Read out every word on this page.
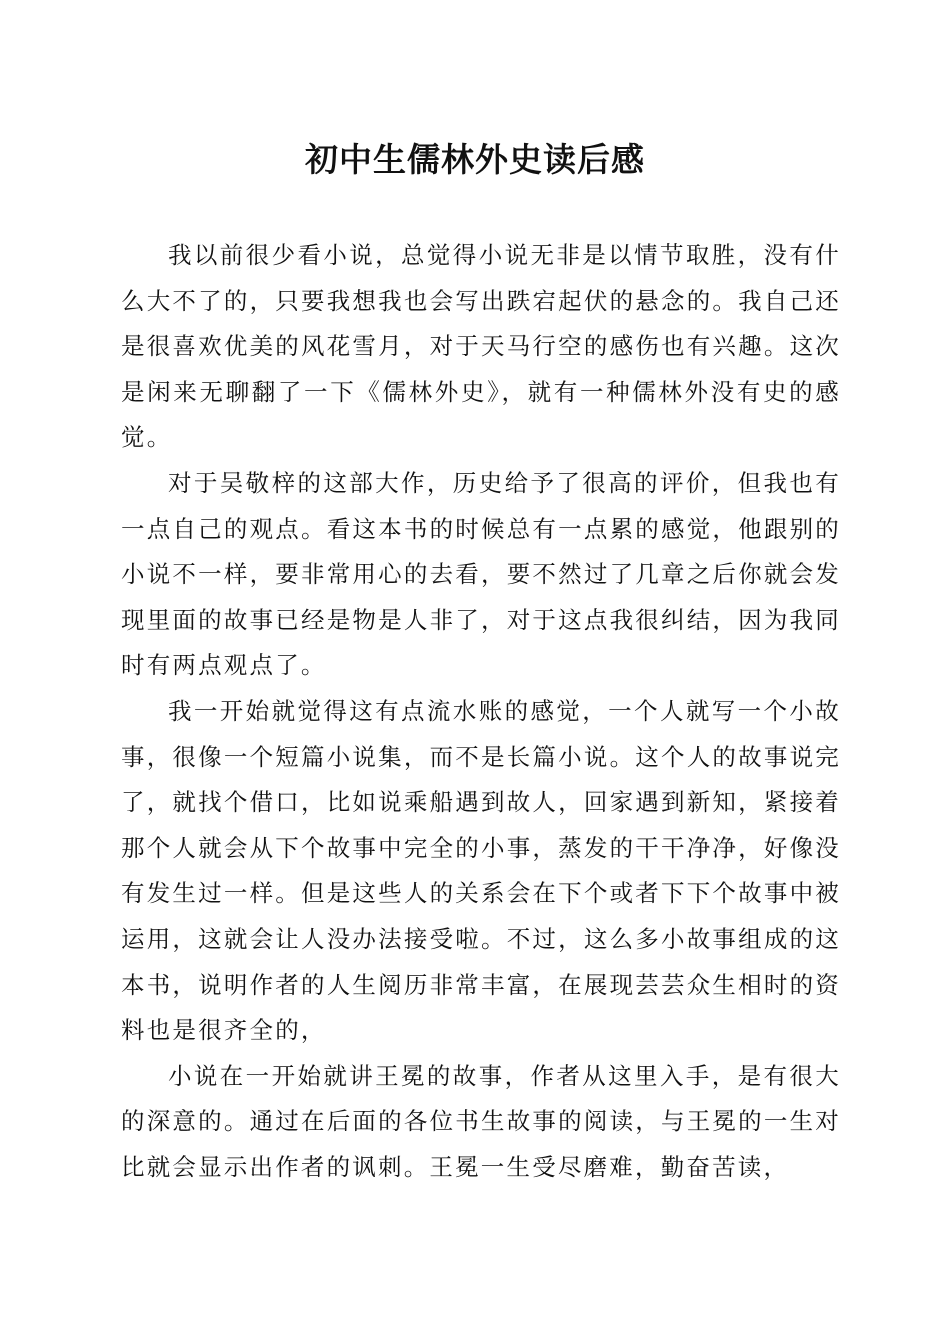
初中生儒林外史读后感

我以前很少看小说，总觉得小说无非是以情节取胜，没有什么大不了的，只要我想我也会写出跌宕起伏的悬念的。我自己还是很喜欢优美的风花雪月，对于天马行空的感伤也有兴趣。这次是闲来无聊翻了一下《儒林外史》，就有一种儒林外没有史的感觉。

对于吴敬梓的这部大作，历史给予了很高的评价，但我也有一点自己的观点。看这本书的时候总有一点累的感觉，他跟别的小说不一样，要非常用心的去看，要不然过了几章之后你就会发现里面的故事已经是物是人非了，对于这点我很纠结，因为我同时有两点观点了。

我一开始就觉得这有点流水账的感觉，一个人就写一个小故事，很像一个短篇小说集，而不是长篇小说。这个人的故事说完了，就找个借口，比如说乘船遇到故人，回家遇到新知，紧接着那个人就会从下个故事中完全的小事，蒸发的干干净净，好像没有发生过一样。但是这些人的关系会在下个或者下下个故事中被运用，这就会让人没办法接受啦。不过，这么多小故事组成的这本书，说明作者的人生阅历非常丰富，在展现芸芸众生相时的资料也是很齐全的，

小说在一开始就讲王冕的故事，作者从这里入手，是有很大的深意的。通过在后面的各位书生故事的阅读，与王冕的一生对比就会显示出作者的讽刺。王冕一生受尽磨难，勤奋苦读，
